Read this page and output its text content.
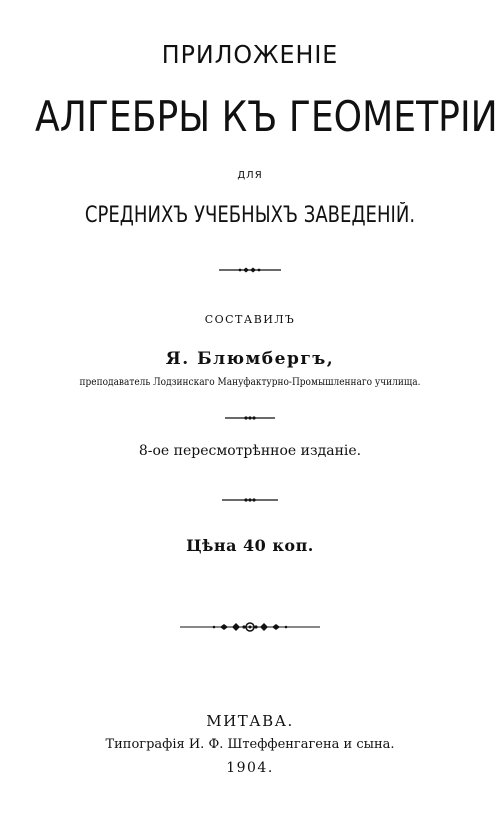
ПРИЛОЖЕНІЕ
АЛГЕБРЫ КЪ ГЕОМЕТРІИ
ДЛЯ
СРЕДНИХЪ УЧЕБНЫХЪ ЗАВЕДЕНІЙ.
СОСТАВИЛЪ
Я. Блюмбергъ,
преподаватель Лодзинскаго Мануфактурно-Промышленнаго училища.
8-ое пересмотрѣнное изданіе.
Цѣна 40 коп.
МИТАВА.
Типографія И. Ф. Штеффенгагена и сына.
1904.
